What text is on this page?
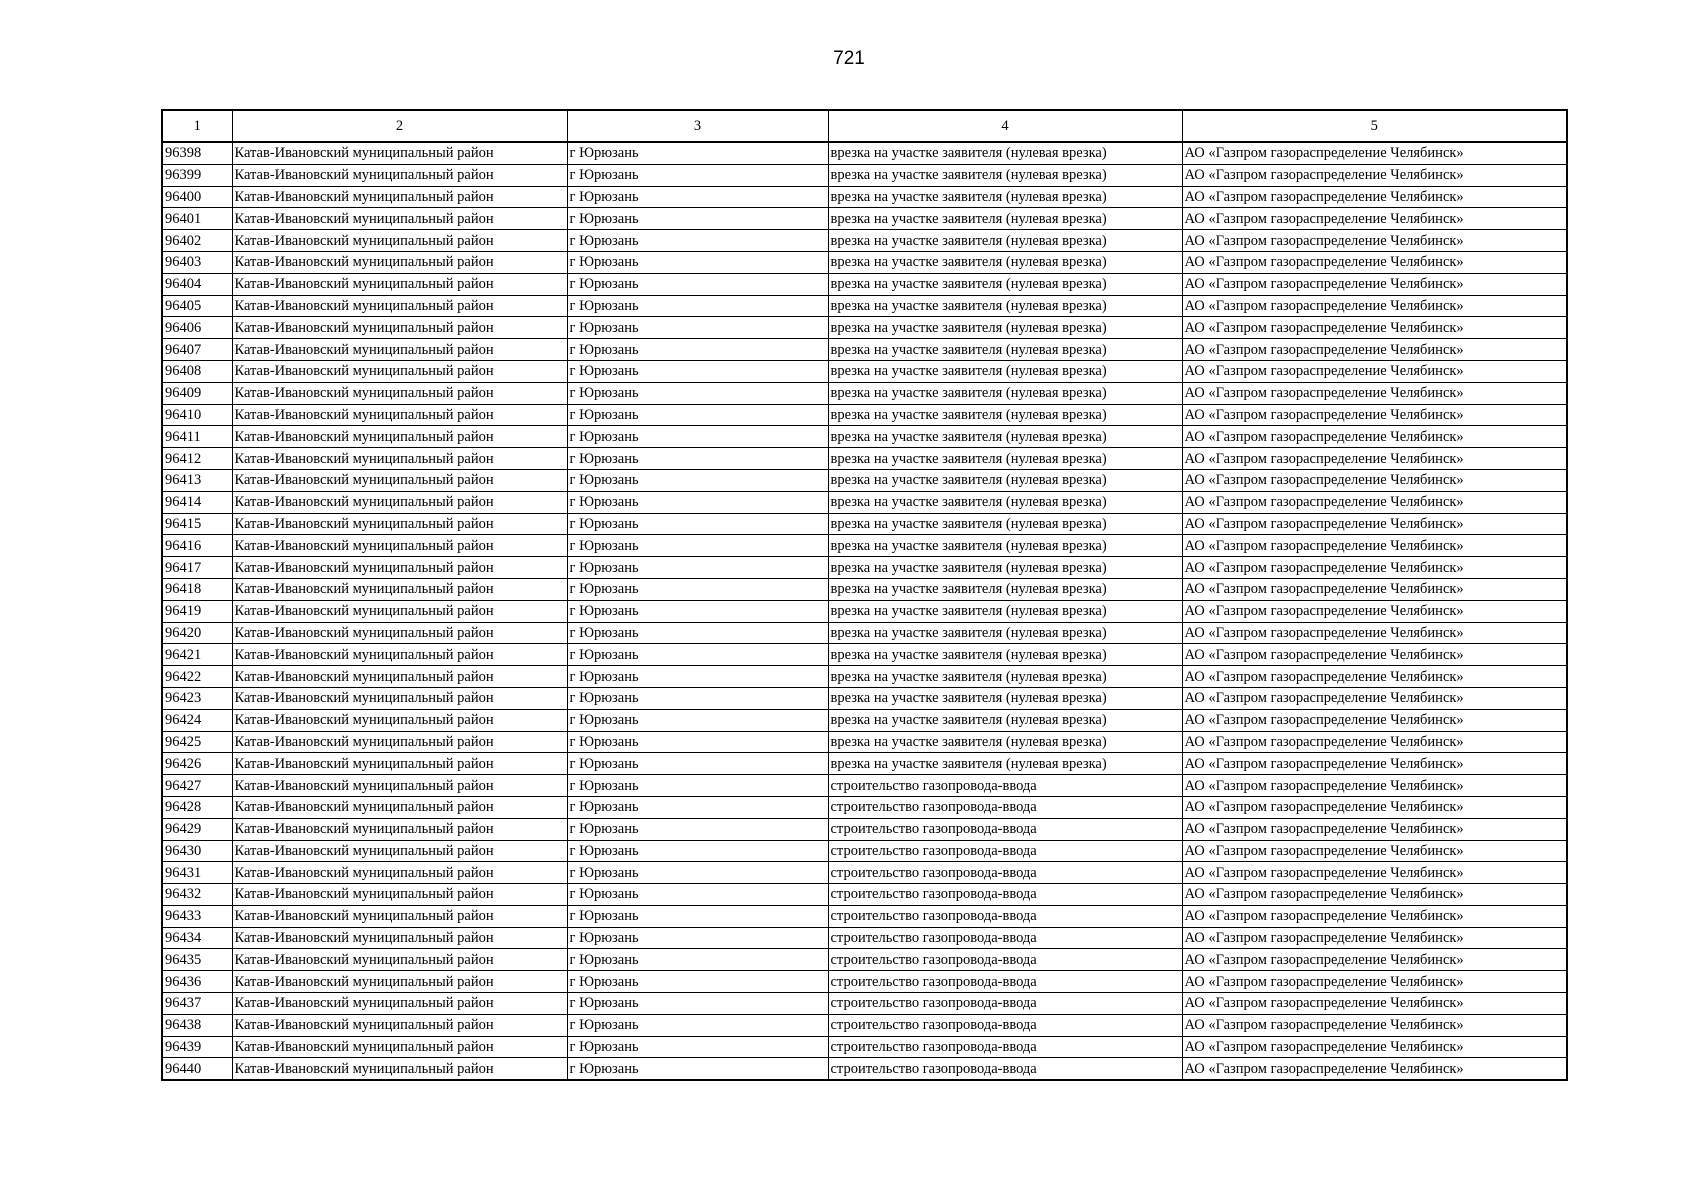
721
1	2	3	4	5
96398	Катав-Ивановский муниципальный район	г Юрюзань	врезка на участке заявителя (нулевая врезка)	АО «Газпром газораспределение Челябинск»
96399	Катав-Ивановский муниципальный район	г Юрюзань	врезка на участке заявителя (нулевая врезка)	АО «Газпром газораспределение Челябинск»
96400	Катав-Ивановский муниципальный район	г Юрюзань	врезка на участке заявителя (нулевая врезка)	АО «Газпром газораспределение Челябинск»
96401	Катав-Ивановский муниципальный район	г Юрюзань	врезка на участке заявителя (нулевая врезка)	АО «Газпром газораспределение Челябинск»
96402	Катав-Ивановский муниципальный район	г Юрюзань	врезка на участке заявителя (нулевая врезка)	АО «Газпром газораспределение Челябинск»
96403	Катав-Ивановский муниципальный район	г Юрюзань	врезка на участке заявителя (нулевая врезка)	АО «Газпром газораспределение Челябинск»
96404	Катав-Ивановский муниципальный район	г Юрюзань	врезка на участке заявителя (нулевая врезка)	АО «Газпром газораспределение Челябинск»
96405	Катав-Ивановский муниципальный район	г Юрюзань	врезка на участке заявителя (нулевая врезка)	АО «Газпром газораспределение Челябинск»
96406	Катав-Ивановский муниципальный район	г Юрюзань	врезка на участке заявителя (нулевая врезка)	АО «Газпром газораспределение Челябинск»
96407	Катав-Ивановский муниципальный район	г Юрюзань	врезка на участке заявителя (нулевая врезка)	АО «Газпром газораспределение Челябинск»
96408	Катав-Ивановский муниципальный район	г Юрюзань	врезка на участке заявителя (нулевая врезка)	АО «Газпром газораспределение Челябинск»
96409	Катав-Ивановский муниципальный район	г Юрюзань	врезка на участке заявителя (нулевая врезка)	АО «Газпром газораспределение Челябинск»
96410	Катав-Ивановский муниципальный район	г Юрюзань	врезка на участке заявителя (нулевая врезка)	АО «Газпром газораспределение Челябинск»
96411	Катав-Ивановский муниципальный район	г Юрюзань	врезка на участке заявителя (нулевая врезка)	АО «Газпром газораспределение Челябинск»
96412	Катав-Ивановский муниципальный район	г Юрюзань	врезка на участке заявителя (нулевая врезка)	АО «Газпром газораспределение Челябинск»
96413	Катав-Ивановский муниципальный район	г Юрюзань	врезка на участке заявителя (нулевая врезка)	АО «Газпром газораспределение Челябинск»
96414	Катав-Ивановский муниципальный район	г Юрюзань	врезка на участке заявителя (нулевая врезка)	АО «Газпром газораспределение Челябинск»
96415	Катав-Ивановский муниципальный район	г Юрюзань	врезка на участке заявителя (нулевая врезка)	АО «Газпром газораспределение Челябинск»
96416	Катав-Ивановский муниципальный район	г Юрюзань	врезка на участке заявителя (нулевая врезка)	АО «Газпром газораспределение Челябинск»
96417	Катав-Ивановский муниципальный район	г Юрюзань	врезка на участке заявителя (нулевая врезка)	АО «Газпром газораспределение Челябинск»
96418	Катав-Ивановский муниципальный район	г Юрюзань	врезка на участке заявителя (нулевая врезка)	АО «Газпром газораспределение Челябинск»
96419	Катав-Ивановский муниципальный район	г Юрюзань	врезка на участке заявителя (нулевая врезка)	АО «Газпром газораспределение Челябинск»
96420	Катав-Ивановский муниципальный район	г Юрюзань	врезка на участке заявителя (нулевая врезка)	АО «Газпром газораспределение Челябинск»
96421	Катав-Ивановский муниципальный район	г Юрюзань	врезка на участке заявителя (нулевая врезка)	АО «Газпром газораспределение Челябинск»
96422	Катав-Ивановский муниципальный район	г Юрюзань	врезка на участке заявителя (нулевая врезка)	АО «Газпром газораспределение Челябинск»
96423	Катав-Ивановский муниципальный район	г Юрюзань	врезка на участке заявителя (нулевая врезка)	АО «Газпром газораспределение Челябинск»
96424	Катав-Ивановский муниципальный район	г Юрюзань	врезка на участке заявителя (нулевая врезка)	АО «Газпром газораспределение Челябинск»
96425	Катав-Ивановский муниципальный район	г Юрюзань	врезка на участке заявителя (нулевая врезка)	АО «Газпром газораспределение Челябинск»
96426	Катав-Ивановский муниципальный район	г Юрюзань	врезка на участке заявителя (нулевая врезка)	АО «Газпром газораспределение Челябинск»
96427	Катав-Ивановский муниципальный район	г Юрюзань	строительство газопровода-ввода	АО «Газпром газораспределение Челябинск»
96428	Катав-Ивановский муниципальный район	г Юрюзань	строительство газопровода-ввода	АО «Газпром газораспределение Челябинск»
96429	Катав-Ивановский муниципальный район	г Юрюзань	строительство газопровода-ввода	АО «Газпром газораспределение Челябинск»
96430	Катав-Ивановский муниципальный район	г Юрюзань	строительство газопровода-ввода	АО «Газпром газораспределение Челябинск»
96431	Катав-Ивановский муниципальный район	г Юрюзань	строительство газопровода-ввода	АО «Газпром газораспределение Челябинск»
96432	Катав-Ивановский муниципальный район	г Юрюзань	строительство газопровода-ввода	АО «Газпром газораспределение Челябинск»
96433	Катав-Ивановский муниципальный район	г Юрюзань	строительство газопровода-ввода	АО «Газпром газораспределение Челябинск»
96434	Катав-Ивановский муниципальный район	г Юрюзань	строительство газопровода-ввода	АО «Газпром газораспределение Челябинск»
96435	Катав-Ивановский муниципальный район	г Юрюзань	строительство газопровода-ввода	АО «Газпром газораспределение Челябинск»
96436	Катав-Ивановский муниципальный район	г Юрюзань	строительство газопровода-ввода	АО «Газпром газораспределение Челябинск»
96437	Катав-Ивановский муниципальный район	г Юрюзань	строительство газопровода-ввода	АО «Газпром газораспределение Челябинск»
96438	Катав-Ивановский муниципальный район	г Юрюзань	строительство газопровода-ввода	АО «Газпром газораспределение Челябинск»
96439	Катав-Ивановский муниципальный район	г Юрюзань	строительство газопровода-ввода	АО «Газпром газораспределение Челябинск»
96440	Катав-Ивановский муниципальный район	г Юрюзань	строительство газопровода-ввода	АО «Газпром газораспределение Челябинск»
